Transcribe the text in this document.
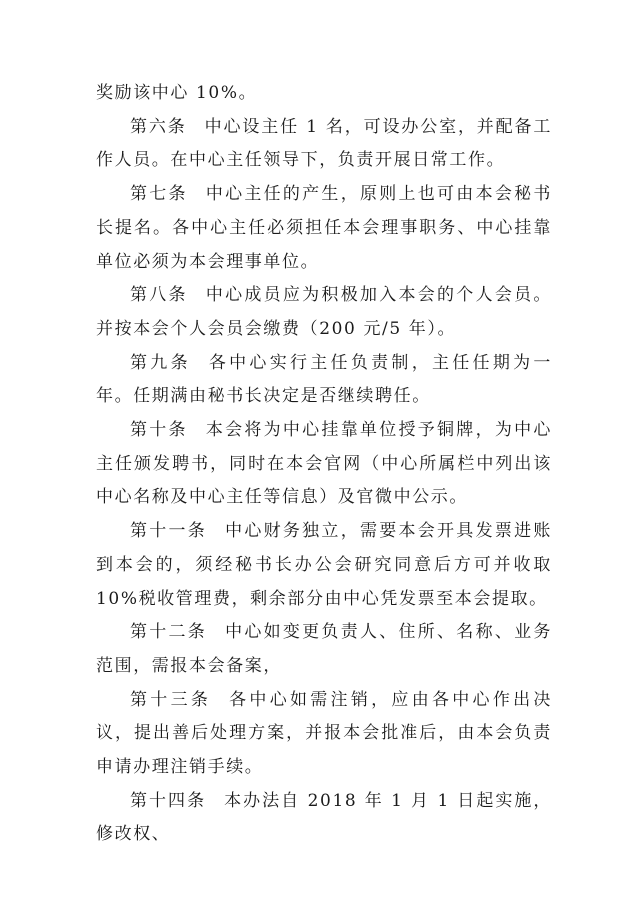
奖励该中心 10%。

第六条 中心设主任 1 名，可设办公室，并配备工作人员。在中心主任领导下，负责开展日常工作。

第七条 中心主任的产生，原则上也可由本会秘书长提名。各中心主任必须担任本会理事职务、中心挂靠单位必须为本会理事单位。

第八条 中心成员应为积极加入本会的个人会员。并按本会个人会员会缴费（200 元/5 年）。

第九条 各中心实行主任负责制，主任任期为一年。任期满由秘书长决定是否继续聘任。

第十条 本会将为中心挂靠单位授予铜牌，为中心主任颁发聘书，同时在本会官网（中心所属栏中列出该中心名称及中心主任等信息）及官微中公示。

第十一条 中心财务独立，需要本会开具发票进账到本会的，须经秘书长办公会研究同意后方可并收取 10%税收管理费，剩余部分由中心凭发票至本会提取。

第十二条 中心如变更负责人、住所、名称、业务范围，需报本会备案，

第十三条 各中心如需注销，应由各中心作出决议，提出善后处理方案，并报本会批准后，由本会负责申请办理注销手续。

第十四条 本办法自 2018 年 1 月 1 日起实施，修改权、
